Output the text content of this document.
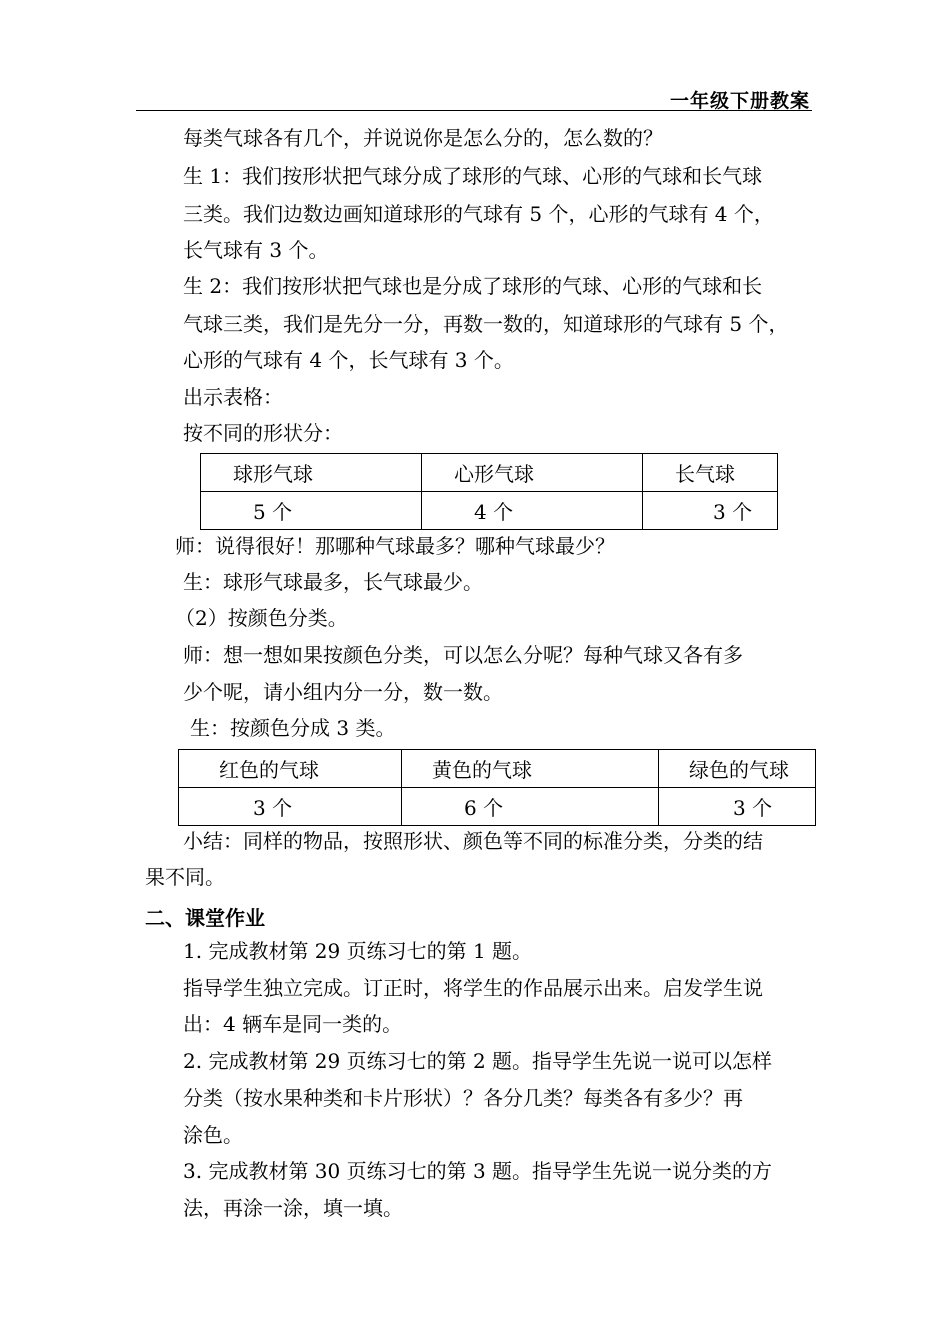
一年级下册教案
每类气球各有几个，并说说你是怎么分的，怎么数的？
生 1：我们按形状把气球分成了球形的气球、心形的气球和长气球
三类。我们边数边画知道球形的气球有 5 个，心形的气球有 4 个，
长气球有 3 个。
生 2：我们按形状把气球也是分成了球形的气球、心形的气球和长
气球三类，我们是先分一分，再数一数的，知道球形的气球有 5 个，
心形的气球有 4 个，长气球有 3 个。
出示表格：
按不同的形状分：
球形气球	心形气球	长气球
5 个	4 个	3 个
师：说得很好！那哪种气球最多？哪种气球最少？
生：球形气球最多，长气球最少。
（2）按颜色分类。
师：想一想如果按颜色分类，可以怎么分呢？每种气球又各有多
少个呢，请小组内分一分，数一数。
生：按颜色分成 3 类。
红色的气球	黄色的气球	绿色的气球
3 个	6 个	3 个
小结：同样的物品，按照形状、颜色等不同的标准分类，分类的结
果不同。
二、课堂作业
1. 完成教材第 29 页练习七的第 1 题。
指导学生独立完成。订正时，将学生的作品展示出来。启发学生说
出：4 辆车是同一类的。
2. 完成教材第 29 页练习七的第 2 题。指导学生先说一说可以怎样
分类（按水果种类和卡片形状）？各分几类？每类各有多少？再
涂色。
3. 完成教材第 30 页练习七的第 3 题。指导学生先说一说分类的方
法，再涂一涂，填一填。
